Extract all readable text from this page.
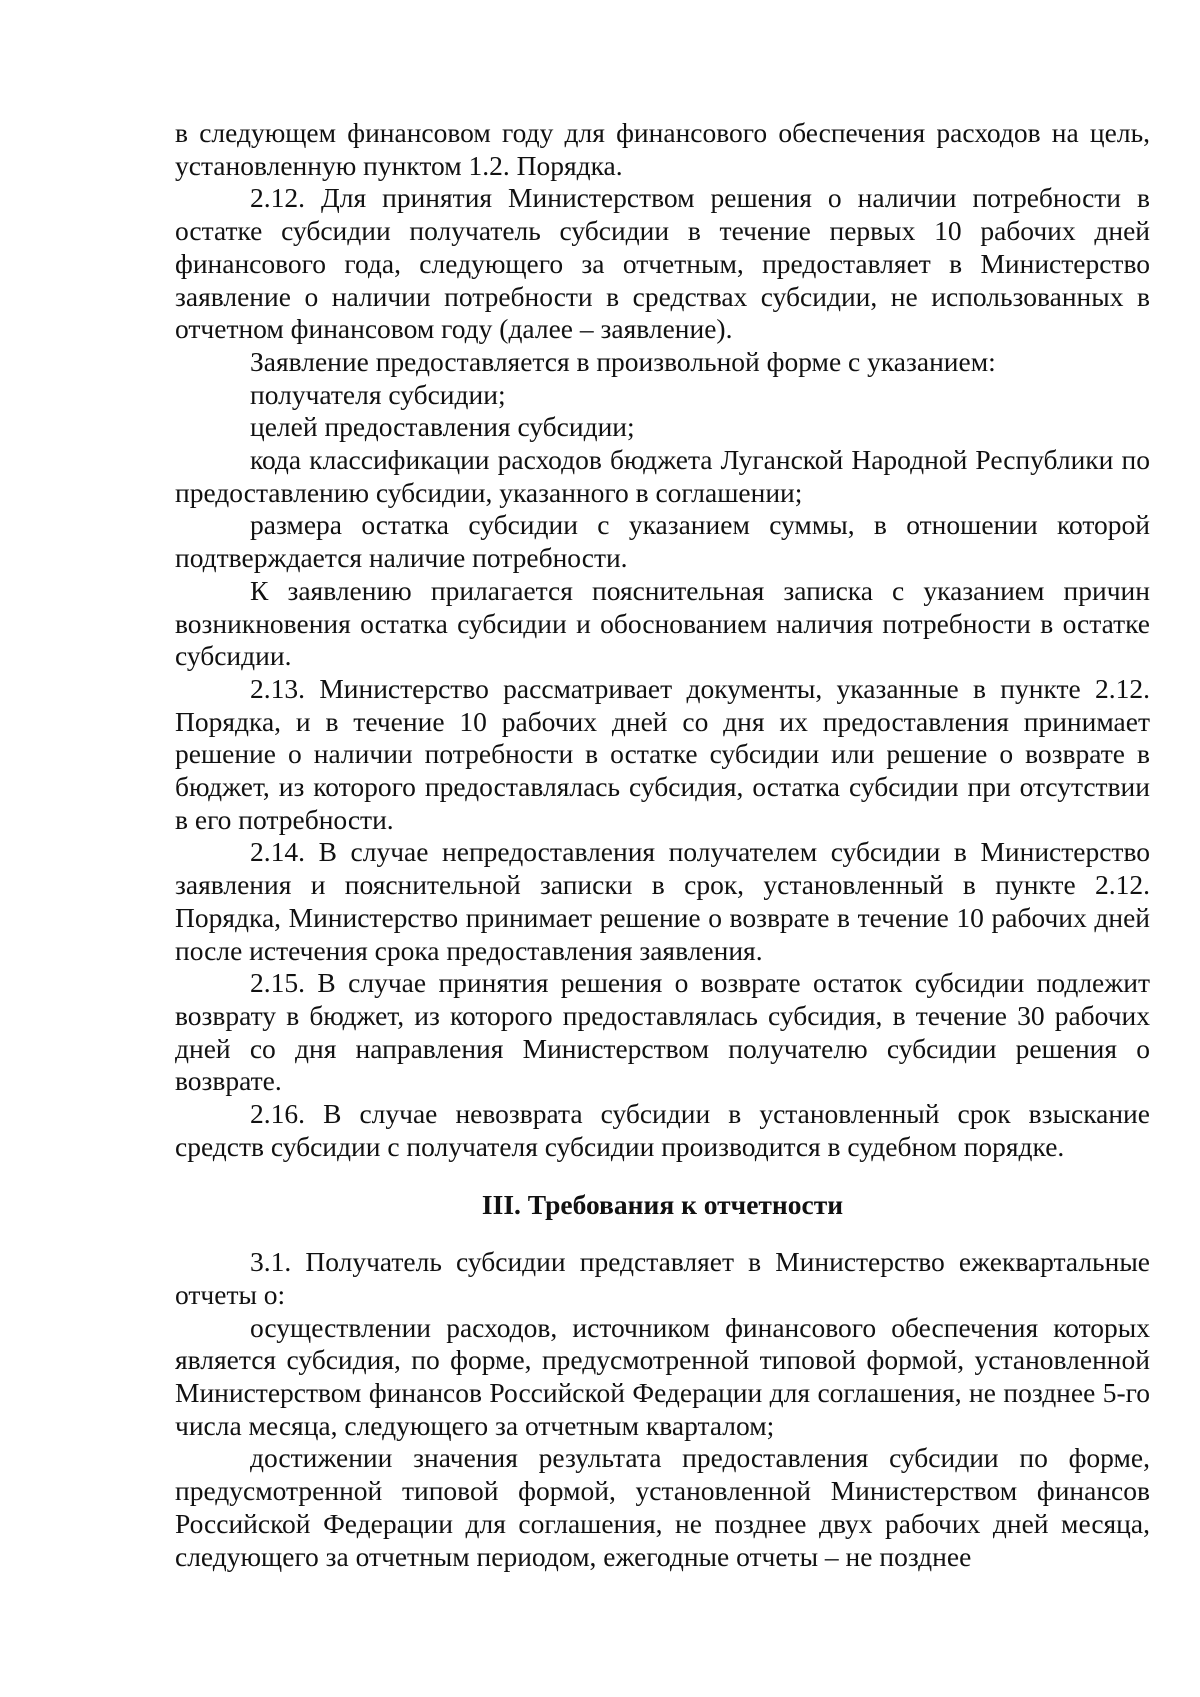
в следующем финансовом году для финансового обеспечения расходов на цель, установленную пунктом 1.2. Порядка.

2.12. Для принятия Министерством решения о наличии потребности в остатке субсидии получатель субсидии в течение первых 10 рабочих дней финансового года, следующего за отчетным, предоставляет в Министерство заявление о наличии потребности в средствах субсидии, не использованных в отчетном финансовом году (далее – заявление).

Заявление предоставляется в произвольной форме с указанием:

получателя субсидии;

целей предоставления субсидии;

кода классификации расходов бюджета Луганской Народной Республики по предоставлению субсидии, указанного в соглашении;

размера остатка субсидии с указанием суммы, в отношении которой подтверждается наличие потребности.

К заявлению прилагается пояснительная записка с указанием причин возникновения остатка субсидии и обоснованием наличия потребности в остатке субсидии.

2.13. Министерство рассматривает документы, указанные в пункте 2.12. Порядка, и в течение 10 рабочих дней со дня их предоставления принимает решение о наличии потребности в остатке субсидии или решение о возврате в бюджет, из которого предоставлялась субсидия, остатка субсидии при отсутствии в его потребности.

2.14. В случае непредоставления получателем субсидии в Министерство заявления и пояснительной записки в срок, установленный в пункте 2.12. Порядка, Министерство принимает решение о возврате в течение 10 рабочих дней после истечения срока предоставления заявления.

2.15. В случае принятия решения о возврате остаток субсидии подлежит возврату в бюджет, из которого предоставлялась субсидия, в течение 30 рабочих дней со дня направления Министерством получателю субсидии решения о возврате.

2.16. В случае невозврата субсидии в установленный срок взыскание средств субсидии с получателя субсидии производится в судебном порядке.

III. Требования к отчетности

3.1. Получатель субсидии представляет в Министерство ежеквартальные отчеты о:

осуществлении расходов, источником финансового обеспечения которых является субсидия, по форме, предусмотренной типовой формой, установленной Министерством финансов Российской Федерации для соглашения, не позднее 5-го числа месяца, следующего за отчетным кварталом;

достижении значения результата предоставления субсидии по форме, предусмотренной типовой формой, установленной Министерством финансов Российской Федерации для соглашения, не позднее двух рабочих дней месяца, следующего за отчетным периодом, ежегодные отчеты – не позднее
